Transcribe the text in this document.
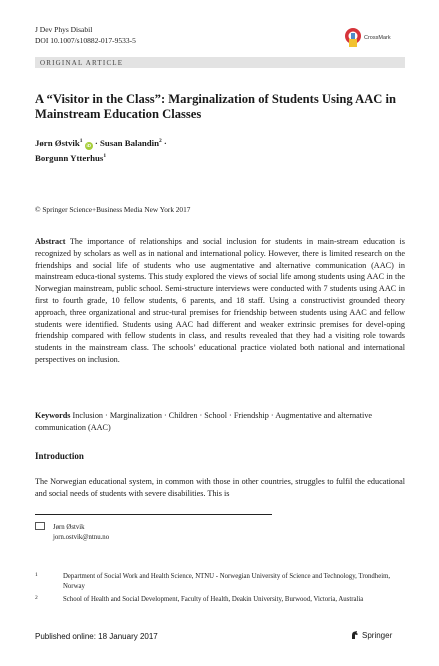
J Dev Phys Disabil
DOI 10.1007/s10882-017-9533-5	CrossMark
ORIGINAL ARTICLE
A “Visitor in the Class”: Marginalization of Students Using AAC in Mainstream Education Classes
Jørn Østvik$^1$ iD · Susan Balandin$^2$ ·
Borgunn Ytterhus$^1$
© Springer Science+Business Media New York 2017
Abstract The importance of relationships and social inclusion for students in main-stream education is recognized by scholars as well as in national and international policy. However, there is limited research on the friendships and social life of students who use augmentative and alternative communication (AAC) in mainstream educa-tional systems. This study explored the views of social life among students using AAC in the Norwegian mainstream, public school. Semi-structure interviews were conducted with 7 students using AAC in first to fourth grade, 10 fellow students, 6 parents, and 18 staff. Using a constructivist grounded theory approach, three organizational and struc-tural premises for friendship between students using AAC and fellow students were identified. Students using AAC had different and weaker extrinsic premises for devel-oping friendship compared with fellow students in class, and results revealed that they had a visiting role towards students in the mainstream class. The schools’ educational practice violated both national and international perspectives on inclusion.
Keywords Inclusion · Marginalization · Children · School · Friendship · Augmentative and alternative communication (AAC)
Introduction
The Norwegian educational system, in common with those in other countries, struggles to fulfil the educational and social needs of students with severe disabilities. This is
Jørn Østvik
jorn.ostvik@ntnu.no
1	Department of Social Work and Health Science, NTNU - Norwegian University of Science and Technology, Trondheim, Norway
2	School of Health and Social Development, Faculty of Health, Deakin University, Burwood, Victoria, Australia
Published online: 18 January 2017	Springer
